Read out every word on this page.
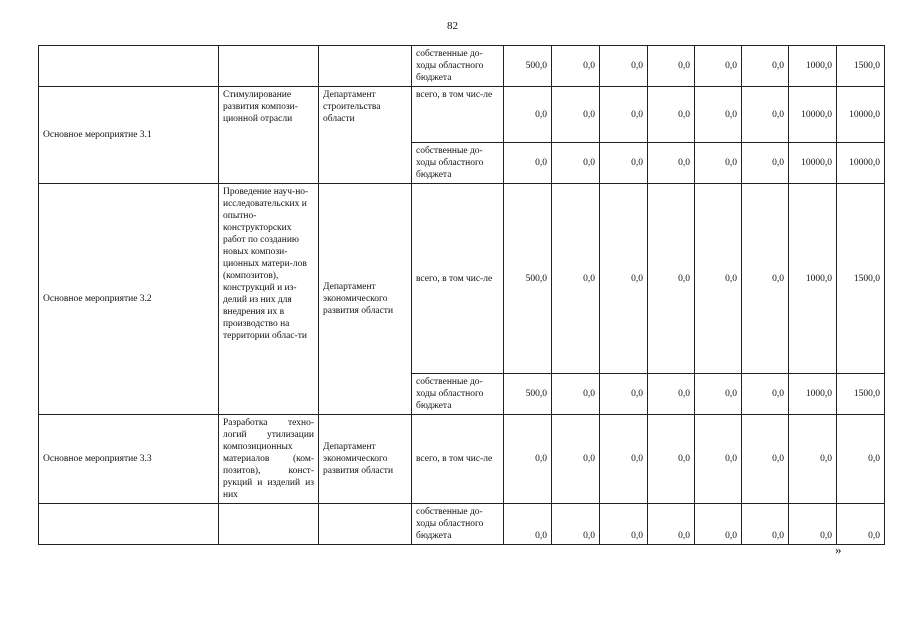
82
			собственные до-ходы областного бюджета	500,0	0,0	0,0	0,0	0,0	0,0	1000,0	1500,0
Основное мероприятие 3.1	Стимулирование развития компози-ционной отрасли	Департамент строительства области	всего, в том чис-ле	0,0	0,0	0,0	0,0	0,0	0,0	10000,0	10000,0
			собственные до-ходы областного бюджета	0,0	0,0	0,0	0,0	0,0	0,0	10000,0	10000,0
Основное мероприятие 3.2	Проведение науч-но-исследовательских и опытно-конструкторских работ по созданию новых компози-ционных матери-лов (композитов), конструкций и из-делий из них для внедрения их в производство на территории облас-ти	Департамент экономического развития области	всего, в том чис-ле	500,0	0,0	0,0	0,0	0,0	0,0	1000,0	1500,0
			собственные до-ходы областного бюджета	500,0	0,0	0,0	0,0	0,0	0,0	1000,0	1500,0
Основное мероприятие 3.3	Разработка техно-логий утилизации композиционных материалов (ком-позитов), конст-рукций и изделий из них	Департамент экономического развития области	всего, в том чис-ле	0,0	0,0	0,0	0,0	0,0	0,0	0,0	0,0
			собственные до-ходы областного бюджета	0,0	0,0	0,0	0,0	0,0	0,0	0,0	0,0
»
